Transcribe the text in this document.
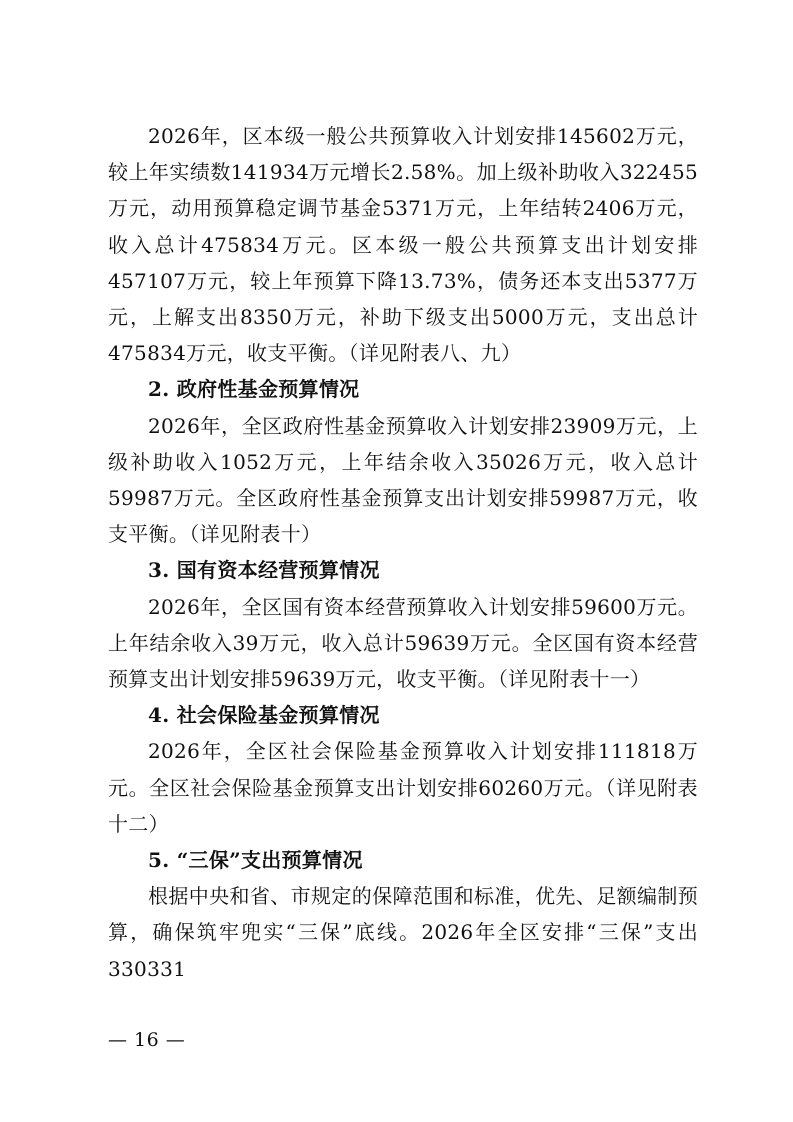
2026年，区本级一般公共预算收入计划安排145602万元，较上年实绩数141934万元增长2.58%。加上级补助收入322455万元，动用预算稳定调节基金5371万元，上年结转2406万元，收入总计475834万元。区本级一般公共预算支出计划安排457107万元，较上年预算下降13.73%，债务还本支出5377万元，上解支出8350万元，补助下级支出5000万元，支出总计475834万元，收支平衡。（详见附表八、九）

2. 政府性基金预算情况

2026年，全区政府性基金预算收入计划安排23909万元，上级补助收入1052万元，上年结余收入35026万元，收入总计59987万元。全区政府性基金预算支出计划安排59987万元，收支平衡。（详见附表十）

3. 国有资本经营预算情况

2026年，全区国有资本经营预算收入计划安排59600万元。上年结余收入39万元，收入总计59639万元。全区国有资本经营预算支出计划安排59639万元，收支平衡。（详见附表十一）

4. 社会保险基金预算情况

2026年，全区社会保险基金预算收入计划安排111818万元。全区社会保险基金预算支出计划安排60260万元。（详见附表十二）

5. “三保”支出预算情况

根据中央和省、市规定的保障范围和标准，优先、足额编制预算，确保筑牢兜实“三保”底线。2026年全区安排“三保”支出330331

— 16 —
